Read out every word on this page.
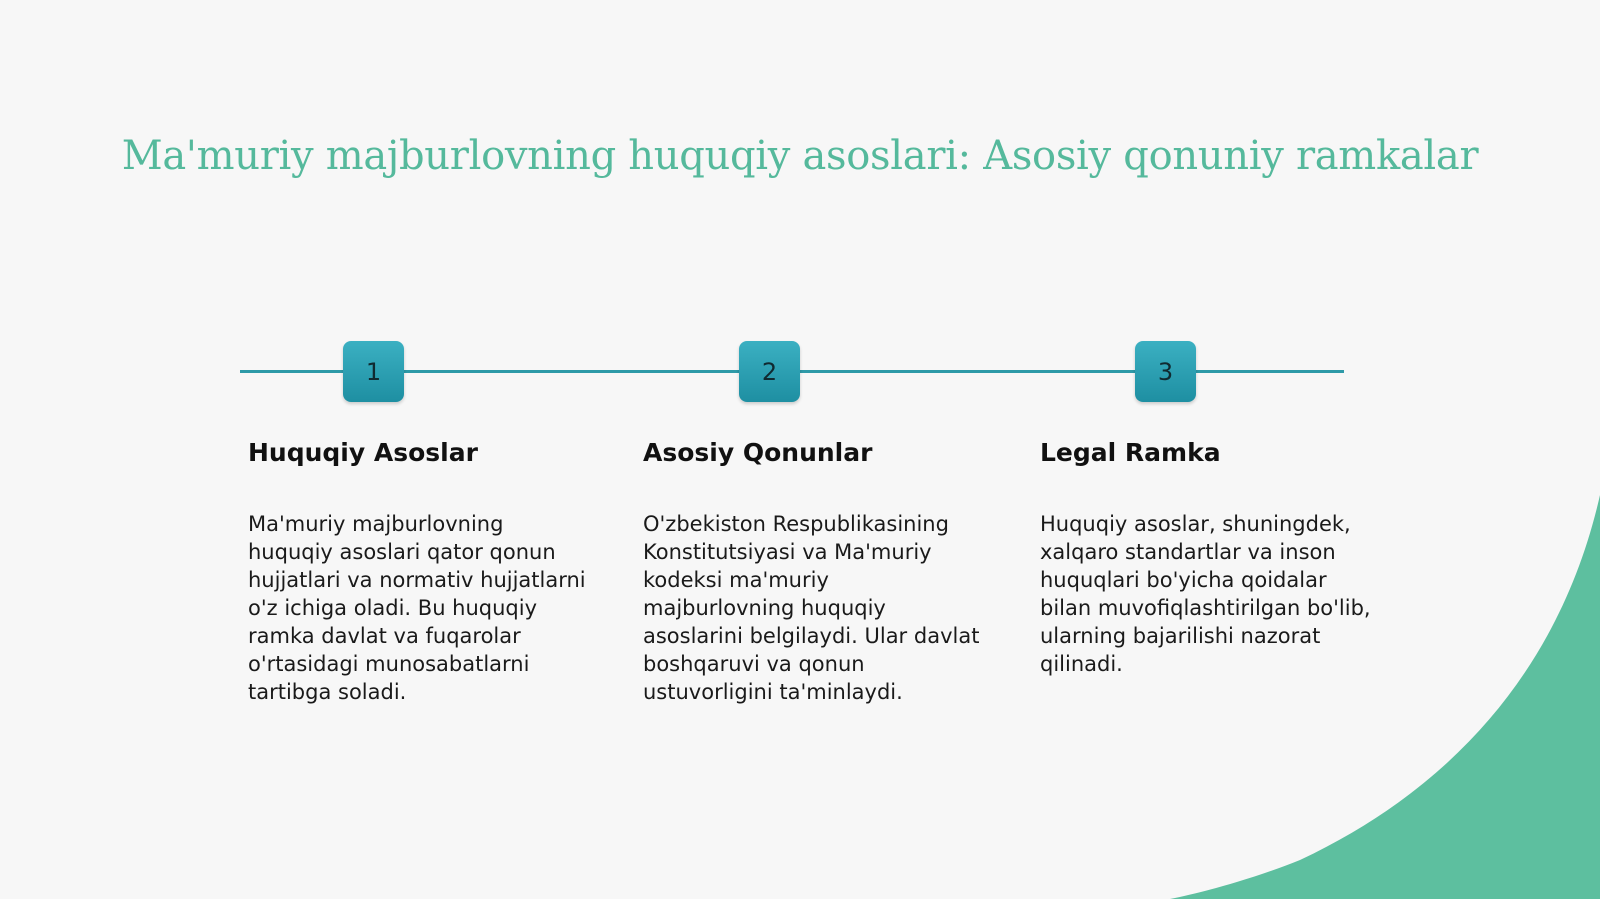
Ma'muriy majburlovning huquqiy asoslari: Asosiy qonuniy ramkalar
1	2	3
Huquqiy Asoslar	Asosiy Qonunlar	Legal Ramka
Ma'muriy majburlovning huquqiy asoslari qator qonun hujjatlari va normativ hujjatlarni o'z ichiga oladi. Bu huquqiy ramka davlat va fuqarolar o'rtasidagi munosabatlarni tartibga soladi.
O'zbekiston Respublikasining Konstitutsiyasi va Ma'muriy kodeksi ma'muriy majburlovning huquqiy asoslarini belgilaydi. Ular davlat boshqaruvi va qonun ustuvorligini ta'minlaydi.
Huquqiy asoslar, shuningdek, xalqaro standartlar va inson huquqlari bo'yicha qoidalar bilan muvofiqlashtirilgan bo'lib, ularning bajarilishi nazorat qilinadi.
